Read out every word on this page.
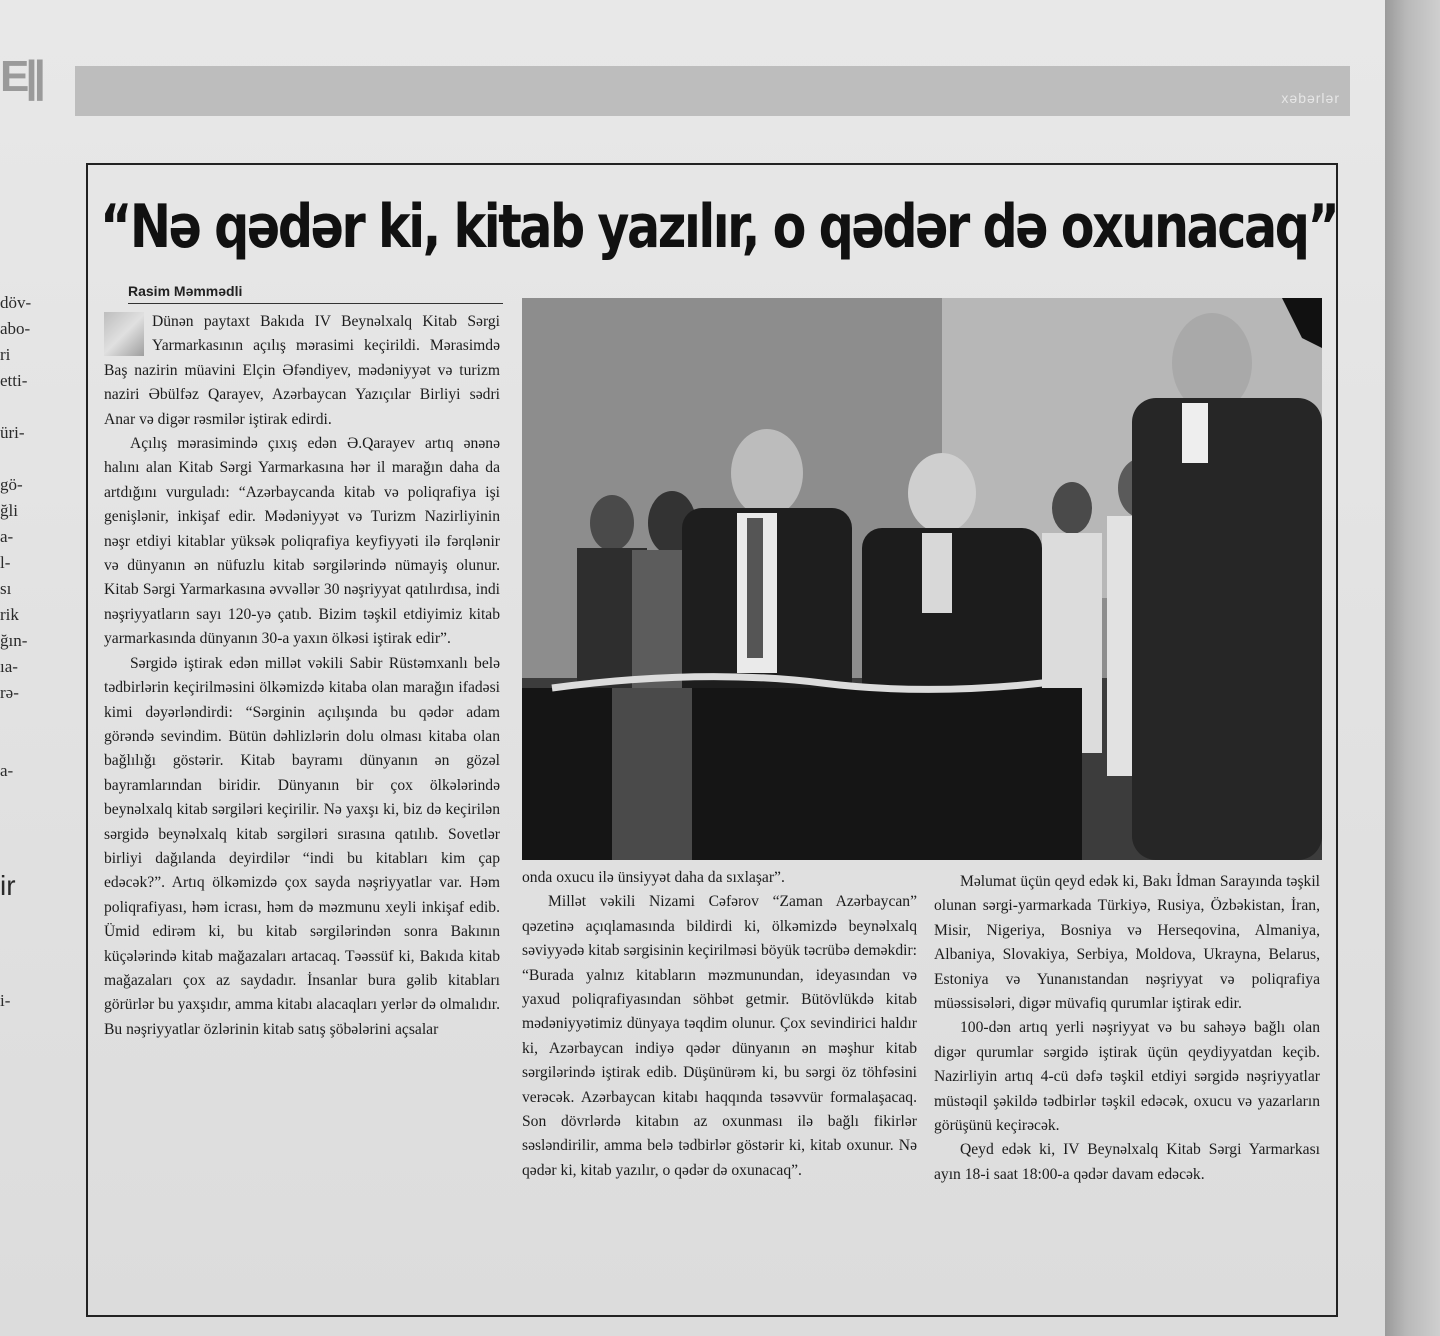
E||	xəbərlər
döv-
abo-
ri
etti-
üri-
gö-
ğli
a-
l-
sı
rik
ğın-
ıa-
rə-
a-
ir
i-
“Nə qədər ki, kitab yazılır, o qədər də oxunacaq”
Rasim Məmmədli

Dünən paytaxt Bakıda IV Beynəlxalq Kitab Sərgi Yarmarkasının açılış mərasimi keçirildi. Mərasimdə Baş nazirin müavini Elçin Əfəndiyev, mədəniyyət və turizm naziri Əbülfəz Qarayev, Azərbaycan Yazıçılar Birliyi sədri Anar və digər rəsmilər iştirak edirdi.

Açılış mərasimində çıxış edən Ə.Qarayev artıq ənənə halını alan Kitab Sərgi Yarmarkasına hər il marağın daha da artdığını vurguladı: “Azərbaycanda kitab və poliqrafiya işi genişlənir, inkişaf edir. Mədəniyyət və Turizm Nazirliyinin nəşr etdiyi kitablar yüksək poliqrafiya keyfiyyəti ilə fərqlənir və dünyanın ən nüfuzlu kitab sərgilərində nümayiş olunur. Kitab Sərgi Yarmarkasına əvvəllər 30 nəşriyyat qatılırdısa, indi nəşriyyatların sayı 120-yə çatıb. Bizim təşkil etdiyimiz kitab yarmarkasında dünyanın 30-a yaxın ölkəsi iştirak edir”.

Sərgidə iştirak edən millət vəkili Sabir Rüstəmxanlı belə tədbirlərin keçirilməsini ölkəmizdə kitaba olan marağın ifadəsi kimi dəyərləndirdi: “Sərginin açılışında bu qədər adam görəndə sevindim. Bütün dəhlizlərin dolu olması kitaba olan bağlılığı göstərir. Kitab bayramı dünyanın ən gözəl bayramlarından biridir. Dünyanın bir çox ölkələrində beynəlxalq kitab sərgiləri keçirilir. Nə yaxşı ki, biz də keçirilən sərgidə beynəlxalq kitab sərgiləri sırasına qatılıb. Sovetlər birliyi dağılanda deyirdilər “indi bu kitabları kim çap edəcək?”. Artıq ölkəmizdə çox sayda nəşriyyatlar var. Həm poliqrafiyası, həm icrası, həm də məzmunu xeyli inkişaf edib. Ümid edirəm ki, bu kitab sərgilərindən sonra Bakının küçələrində kitab mağazaları artacaq. Təəssüf ki, Bakıda kitab mağazaları çox az saydadır. İnsanlar bura gəlib kitabları görürlər bu yaxşıdır, amma kitabı alacaqları yerlər də olmalıdır. Bu nəşriyyatlar özlərinin kitab satış şöbələrini açsalar

onda oxucu ilə ünsiyyət daha da sıxlaşar”.

Millət vəkili Nizami Cəfərov “Zaman Azərbaycan” qəzetinə açıqlamasında bildirdi ki, ölkəmizdə beynəlxalq səviyyədə kitab sərgisinin keçirilməsi böyük təcrübə deməkdir: “Burada yalnız kitabların məzmunundan, ideyasından və yaxud poliqrafiyasından söhbət getmir. Bütövlükdə kitab mədəniyyətimiz dünyaya təqdim olunur. Çox sevindirici haldır ki, Azərbaycan indiyə qədər dünyanın ən məşhur kitab sərgilərində iştirak edib. Düşünürəm ki, bu sərgi öz töhfəsini verəcək. Azərbaycan kitabı haqqında təsəvvür formalaşacaq. Son dövrlərdə kitabın az oxunması ilə bağlı fikirlər səsləndirilir, amma belə tədbirlər göstərir ki, kitab oxunur. Nə qədər ki, kitab yazılır, o qədər də oxunacaq”.

Məlumat üçün qeyd edək ki, Bakı İdman Sarayında təşkil olunan sərgi-yarmarkada Türkiyə, Rusiya, Özbəkistan, İran, Misir, Nigeriya, Bosniya və Herseqovina, Almaniya, Albaniya, Slovakiya, Serbiya, Moldova, Ukrayna, Belarus, Estoniya və Yunanıstandan nəşriyyat və poliqrafiya müəssisələri, digər müvafiq qurumlar iştirak edir.

100-dən artıq yerli nəşriyyat və bu sahəyə bağlı olan digər qurumlar sərgidə iştirak üçün qeydiyyatdan keçib. Nazirliyin artıq 4-cü dəfə təşkil etdiyi sərgidə nəşriyyatlar müstəqil şəkildə tədbirlər təşkil edəcək, oxucu və yazarların görüşünü keçirəcək.

Qeyd edək ki, IV Beynəlxalq Kitab Sərgi Yarmarkası ayın 18-i saat 18:00-a qədər davam edəcək.
